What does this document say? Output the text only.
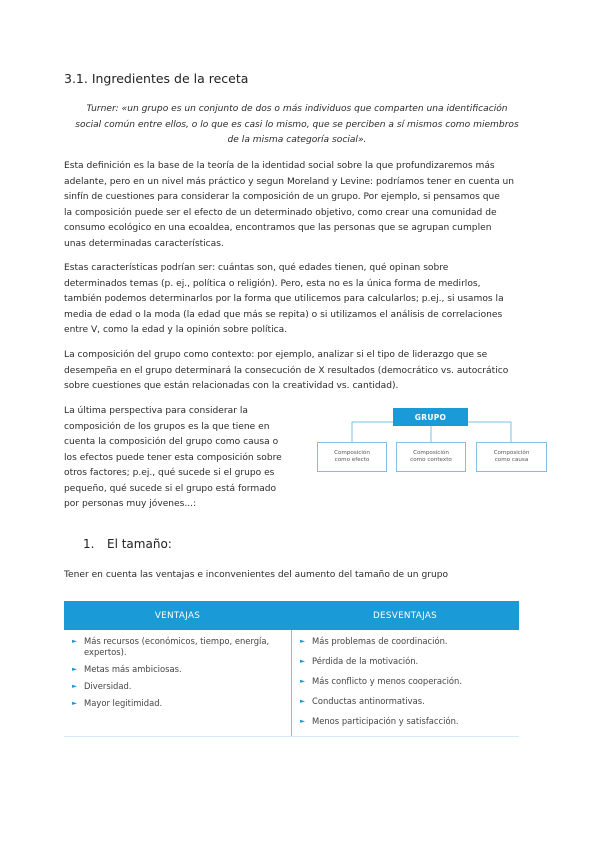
3.1. Ingredientes de la receta
Turner: «un grupo es un conjunto de dos o más individuos que comparten una identificación
social común entre ellos, o lo que es casi lo mismo, que se perciben a sí mismos como miembros
de la misma categoría social».
Esta definición es la base de la teoría de la identidad social sobre la que profundizaremos más
adelante, pero en un nivel más práctico y segun Moreland y Levine: podríamos tener en cuenta un
sinfín de cuestiones para considerar la composición de un grupo. Por ejemplo, si pensamos que
la composición puede ser el efecto de un determinado objetivo, como crear una comunidad de
consumo ecológico en una ecoaldea, encontramos que las personas que se agrupan cumplen
unas determinadas características.
Estas características podrían ser: cuántas son, qué edades tienen, qué opinan sobre
determinados temas (p. ej., política o religión). Pero, esta no es la única forma de medirlos,
también podemos determinarlos por la forma que utilicemos para calcularlos; p.ej., si usamos la
media de edad o la moda (la edad que más se repita) o si utilizamos el análisis de correlaciones
entre V, como la edad y la opinión sobre política.
La composición del grupo como contexto: por ejemplo, analizar si el tipo de liderazgo que se
desempeña en el grupo determinará la consecución de X resultados (democrático vs. autocrático
sobre cuestiones que están relacionadas con la creatividad vs. cantidad).
La última perspectiva para considerar la
composición de los grupos es la que tiene en
cuenta la composición del grupo como causa o
los efectos puede tener esta composición sobre
otros factores; p.ej., qué sucede si el grupo es
pequeño, qué sucede si el grupo está formado
por personas muy jóvenes...:
GRUPO
Composición
como efecto
Composición
como contexto
Composición
como causa
1. El tamaño:
Tener en cuenta las ventajas e inconvenientes del aumento del tamaño de un grupo
VENTAJAS	DESVENTAJAS
► Más recursos (económicos, tiempo, energía, expertos).
► Metas más ambiciosas.
► Diversidad.
► Mayor legitimidad.
► Más problemas de coordinación.
► Pérdida de la motivación.
► Más conflicto y menos cooperación.
► Conductas antinormativas.
► Menos participación y satisfacción.
